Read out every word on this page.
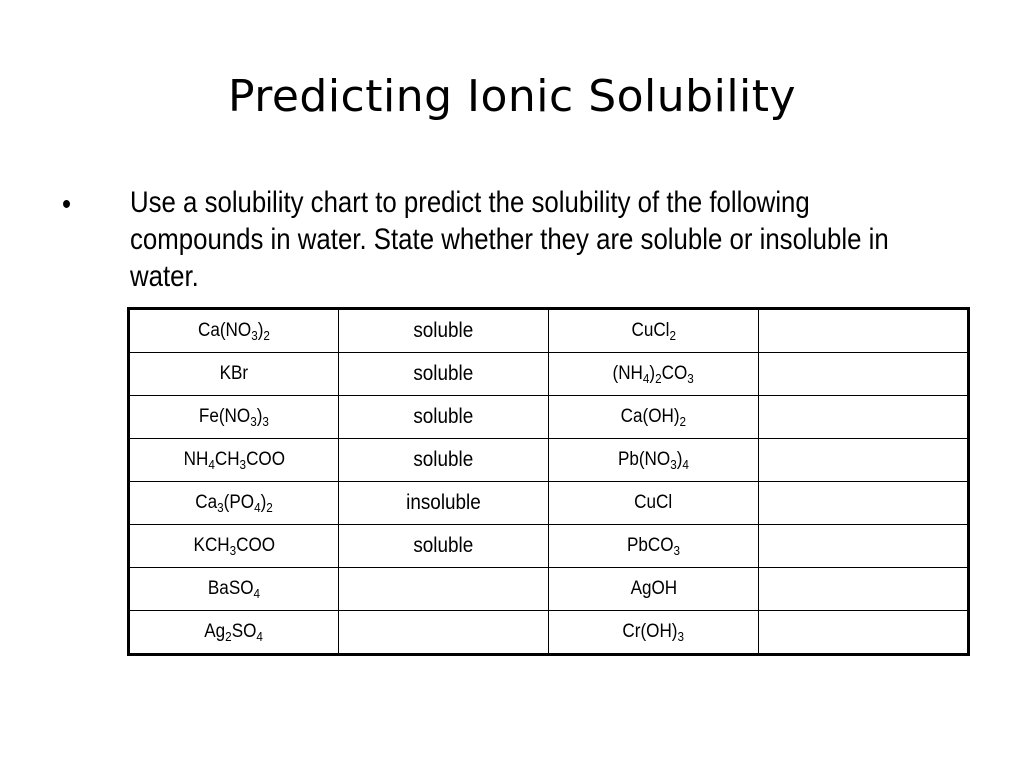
Predicting Ionic Solubility
• Use a solubility chart to predict the solubility of the following compounds in water. State whether they are soluble or insoluble in water.
$Ca(NO_3)_2$	soluble	CuCl$_2$	
KBr	soluble	$(NH_4)_2CO_3$	
$Fe(NO_3)_3$	soluble	$Ca(OH)_2$	
$NH_4CH_3COO$	soluble	$Pb(NO_3)_4$	
$Ca_3(PO_4)_2$	insoluble	CuCl	
$KCH_3COO$	soluble	PbCO$_3$	
BaSO$_4$		AgOH	
$Ag_2SO_4$		$Cr(OH)_3$	
